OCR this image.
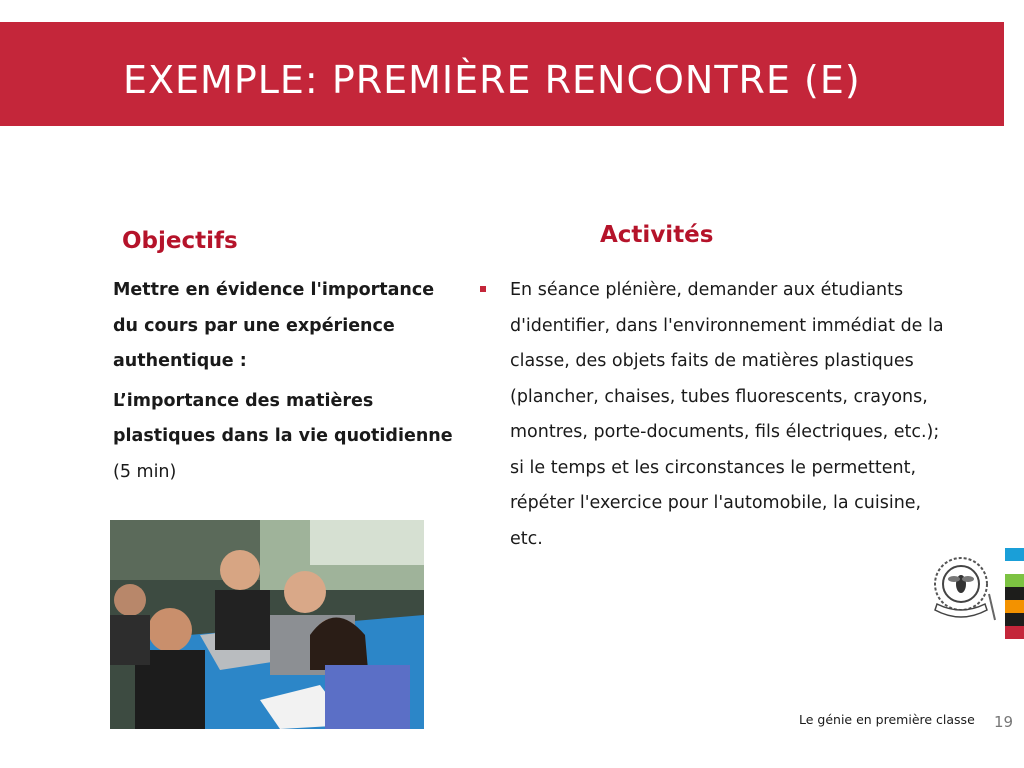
EXEMPLE: PREMIÈRE RENCONTRE (E)
Objectifs	Activités

Mettre en évidence l'importance du cours par une expérience authentique :

L’importance des matières plastiques dans la vie quotidienne (5 min)

En séance plénière, demander aux étudiants d'identifier, dans l'environnement immédiat de la classe, des objets faits de matières plastiques (plancher, chaises, tubes fluorescents, crayons, montres, porte-documents, fils électriques, etc.); si le temps et les circonstances le permettent, répéter l'exercice pour l'automobile, la cuisine, etc.
Le génie en première classe 19
